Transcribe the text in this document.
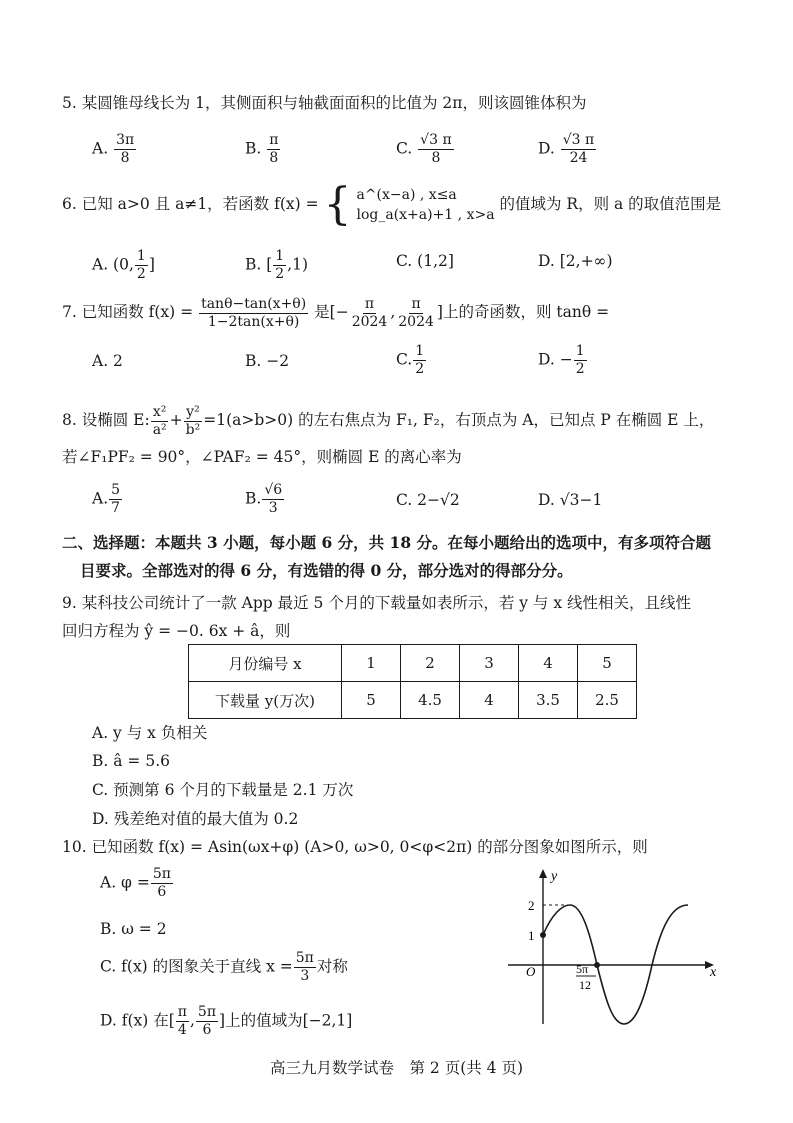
5. 某圆锥母线长为 1，其侧面积与轴截面面积的比值为 2π，则该圆锥体积为
A. $\frac{3\pi}{8}$	B. $\frac{\pi}{8}$	C. $\frac{√3 \pi}{8}$	D. $\frac{√3 \pi}{24}$
6. 已知 a>0 且 a≠1，若函数 f(x) = { a^(x−a) , x≤a
log_a(x+a)+1 , x>a
的值域为 R，则 a 的取值范围是
A. (0, $\frac{1}{2}$ ]	B. [ $\frac{1}{2} ,1$)	C. (1,2]	D. [2,+∞)
7. 已知函数 $f(x) = \frac{\tan\theta-\tan(x+\theta)}{1-2\tan(x+\theta)}$ 是[− $\frac{\pi}{2024}$ , $\frac{\pi}{2024}$ ]上的奇函数，则 tanθ =
A. 2	B. −2	C. $\frac{1}{2}$	D. − $\frac{1}{2}$
8. 设椭圆 E: $\frac{\text{x²}}{\text{a²}} + \frac{\text{y²}}{\text{b²}} =1(a>b>0)$ 的左右焦点为 F₁, F₂，右顶点为 A，已知点 P 在椭圆 E 上，
若∠F₁PF₂ = 90°，∠PAF₂ = 45°，则椭圆 E 的离心率为
A. $\frac{5}{7}$	B. $\frac{√6}{3}$	C. 2−√2	D. √3−1
二、选择题：本题共 3 小题，每小题 6 分，共 18 分。在每小题给出的选项中，有多项符合题
目要求。全部选对的得 6 分，有选错的得 0 分，部分选对的得部分分。
9. 某科技公司统计了一款 App 最近 5 个月的下载量如表所示，若 y 与 x 线性相关，且线性
回归方程为 ŷ = −0. 6x + â，则
月份编号 x	1	2	3	4	5
下载量 y(万次)	5	4.5	4	3.5	2.5
A. y 与 x 负相关
B. â = 5.6
C. 预测第 6 个月的下载量是 2.1 万次
D. 残差绝对值的最大值为 0.2
10. 已知函数 f(x) = Asin(ωx+φ) (A>0, ω>0, 0<φ<2π) 的部分图象如图所示，则
A. $\varphi = \frac{5\pi}{6}$
B. ω = 2
C. f(x) 的图象关于直线 $x = \frac{5\pi}{3}$ 对称
D. f(x) 在[ $\frac{\pi}{4}$ , $\frac{5\pi}{6}$ ]上的值域为[−2,1]
y
x
O
2
1
5π
12
高三九月数学试卷　第 2 页(共 4 页)
